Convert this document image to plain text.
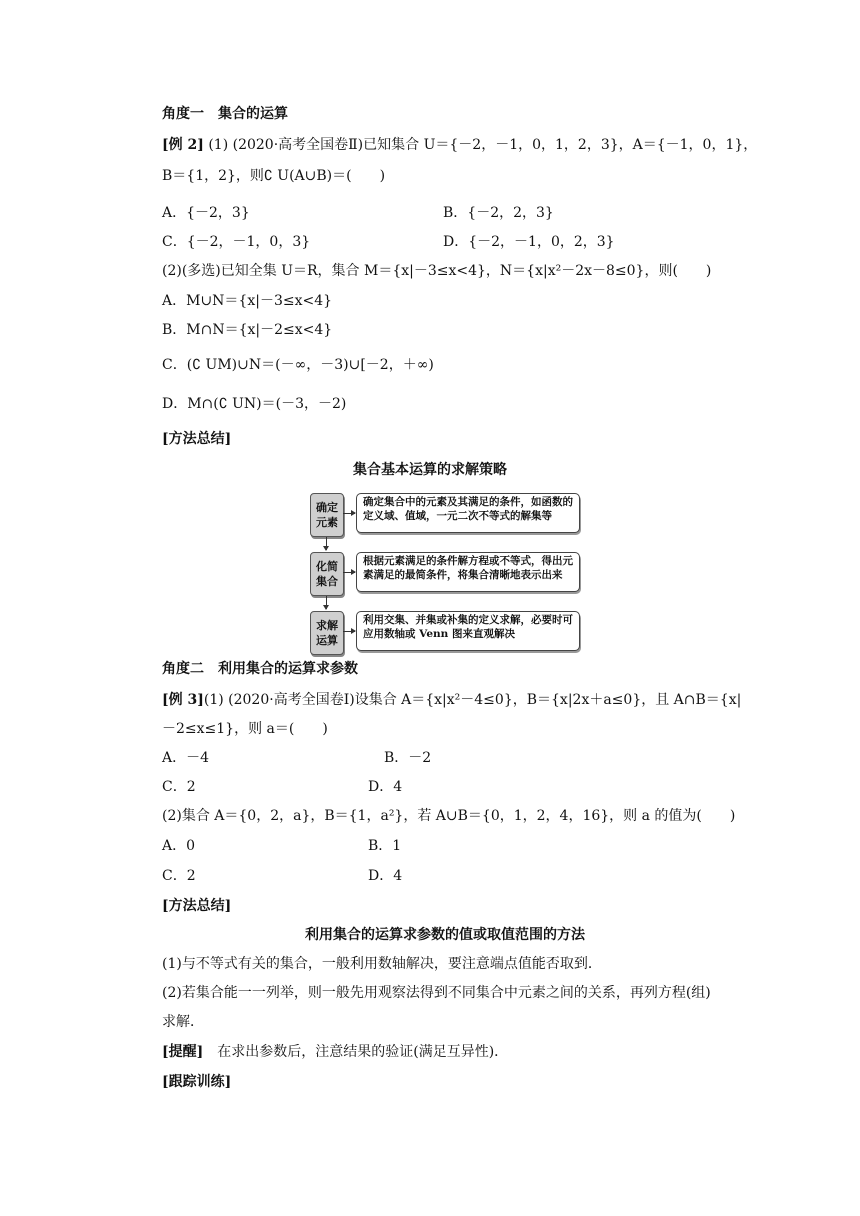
角度一　集合的运算
[例 2] (1) (2020·高考全国卷Ⅱ)已知集合 U＝{－2，－1，0，1，2，3}，A＝{－1，0，1}，
B＝{1，2}，则∁ U(A∪B)＝(　　)
A．{－2，3}	B．{－2，2，3}
C．{－2，－1，0，3}	D．{－2，－1，0，2，3}
(2)(多选)已知全集 U＝R，集合 M＝{x|－3≤x<4}，N＝{x|x²－2x－8≤0}，则(　　)
A．M∪N＝{x|－3≤x<4}
B．M∩N＝{x|－2≤x<4}
C．(∁ UM)∪N＝(－∞，－3)∪[－2，＋∞)
D．M∩(∁ UN)＝(－3，－2)
[方法总结]
集合基本运算的求解策略
确定
元素
确定集合中的元素及其满足的条件，如函数的定义域、值域，一元二次不等式的解集等
化简
集合
根据元素满足的条件解方程或不等式，得出元素满足的最简条件，将集合清晰地表示出来
求解
运算
利用交集、并集或补集的定义求解，必要时可应用数轴或 Venn 图来直观解决
角度二　利用集合的运算求参数
[例 3](1) (2020·高考全国卷Ⅰ)设集合 A＝{x|x²－4≤0}，B＝{x|2x＋a≤0}，且 A∩B＝{x|
－2≤x≤1}，则 a＝(　　)
A．－4	B．－2
C．2	D．4
(2)集合 A＝{0，2，a}，B＝{1，a²}，若 A∪B＝{0，1，2，4，16}，则 a 的值为(　　)
A．0	B．1
C．2	D．4
[方法总结]
利用集合的运算求参数的值或取值范围的方法
(1)与不等式有关的集合，一般利用数轴解决，要注意端点值能否取到．
(2)若集合能一一列举，则一般先用观察法得到不同集合中元素之间的关系，再列方程(组)
求解．
[提醒]　在求出参数后，注意结果的验证(满足互异性)．
[跟踪训练]
